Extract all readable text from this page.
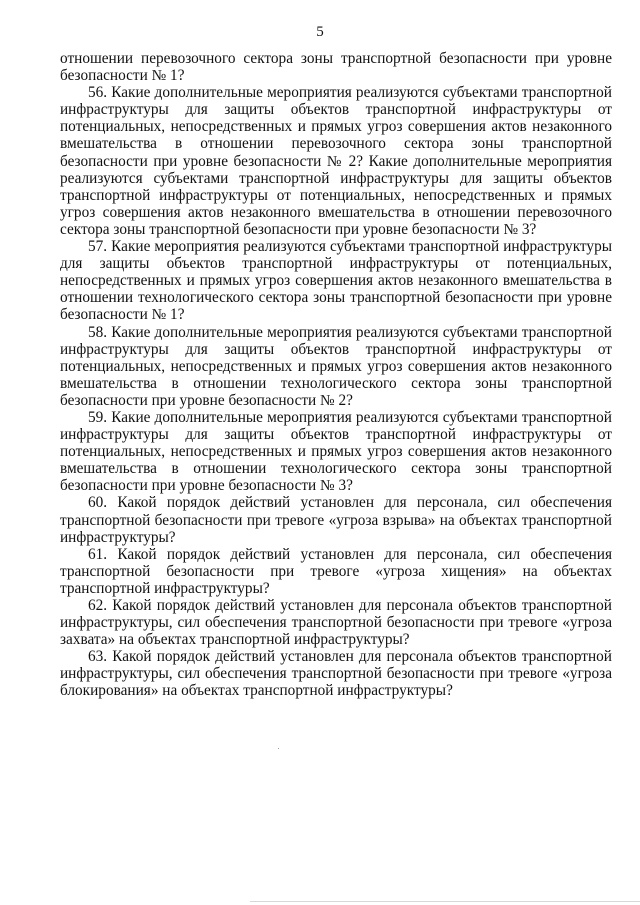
5

отношении перевозочного сектора зоны транспортной безопасности при уровне безопасности № 1?

56. Какие дополнительные мероприятия реализуются субъектами транспортной инфраструктуры для защиты объектов транспортной инфраструктуры от потенциальных, непосредственных и прямых угроз совершения актов незаконного вмешательства в отношении перевозочного сектора зоны транспортной безопасности при уровне безопасности № 2? Какие дополнительные мероприятия реализуются субъектами транспортной инфраструктуры для защиты объектов транспортной инфраструктуры от потенциальных, непосредственных и прямых угроз совершения актов незаконного вмешательства в отношении перевозочного сектора зоны транспортной безопасности при уровне безопасности № 3?

57. Какие мероприятия реализуются субъектами транспортной инфраструктуры для защиты объектов транспортной инфраструктуры от потенциальных, непосредственных и прямых угроз совершения актов незаконного вмешательства в отношении технологического сектора зоны транспортной безопасности при уровне безопасности № 1?

58. Какие дополнительные мероприятия реализуются субъектами транспортной инфраструктуры для защиты объектов транспортной инфраструктуры от потенциальных, непосредственных и прямых угроз совершения актов незаконного вмешательства в отношении технологического сектора зоны транспортной безопасности при уровне безопасности № 2?

59. Какие дополнительные мероприятия реализуются субъектами транспортной инфраструктуры для защиты объектов транспортной инфраструктуры от потенциальных, непосредственных и прямых угроз совершения актов незаконного вмешательства в отношении технологического сектора зоны транспортной безопасности при уровне безопасности № 3?

60. Какой порядок действий установлен для персонала, сил обеспечения транспортной безопасности при тревоге «угроза взрыва» на объектах транспортной инфраструктуры?

61. Какой порядок действий установлен для персонала, сил обеспечения транспортной безопасности при тревоге «угроза хищения» на объектах транспортной инфраструктуры?

62. Какой порядок действий установлен для персонала объектов транспортной инфраструктуры, сил обеспечения транспортной безопасности при тревоге «угроза захвата» на объектах транспортной инфраструктуры?

63. Какой порядок действий установлен для персонала объектов транспортной инфраструктуры, сил обеспечения транспортной безопасности при тревоге «угроза блокирования» на объектах транспортной инфраструктуры?
